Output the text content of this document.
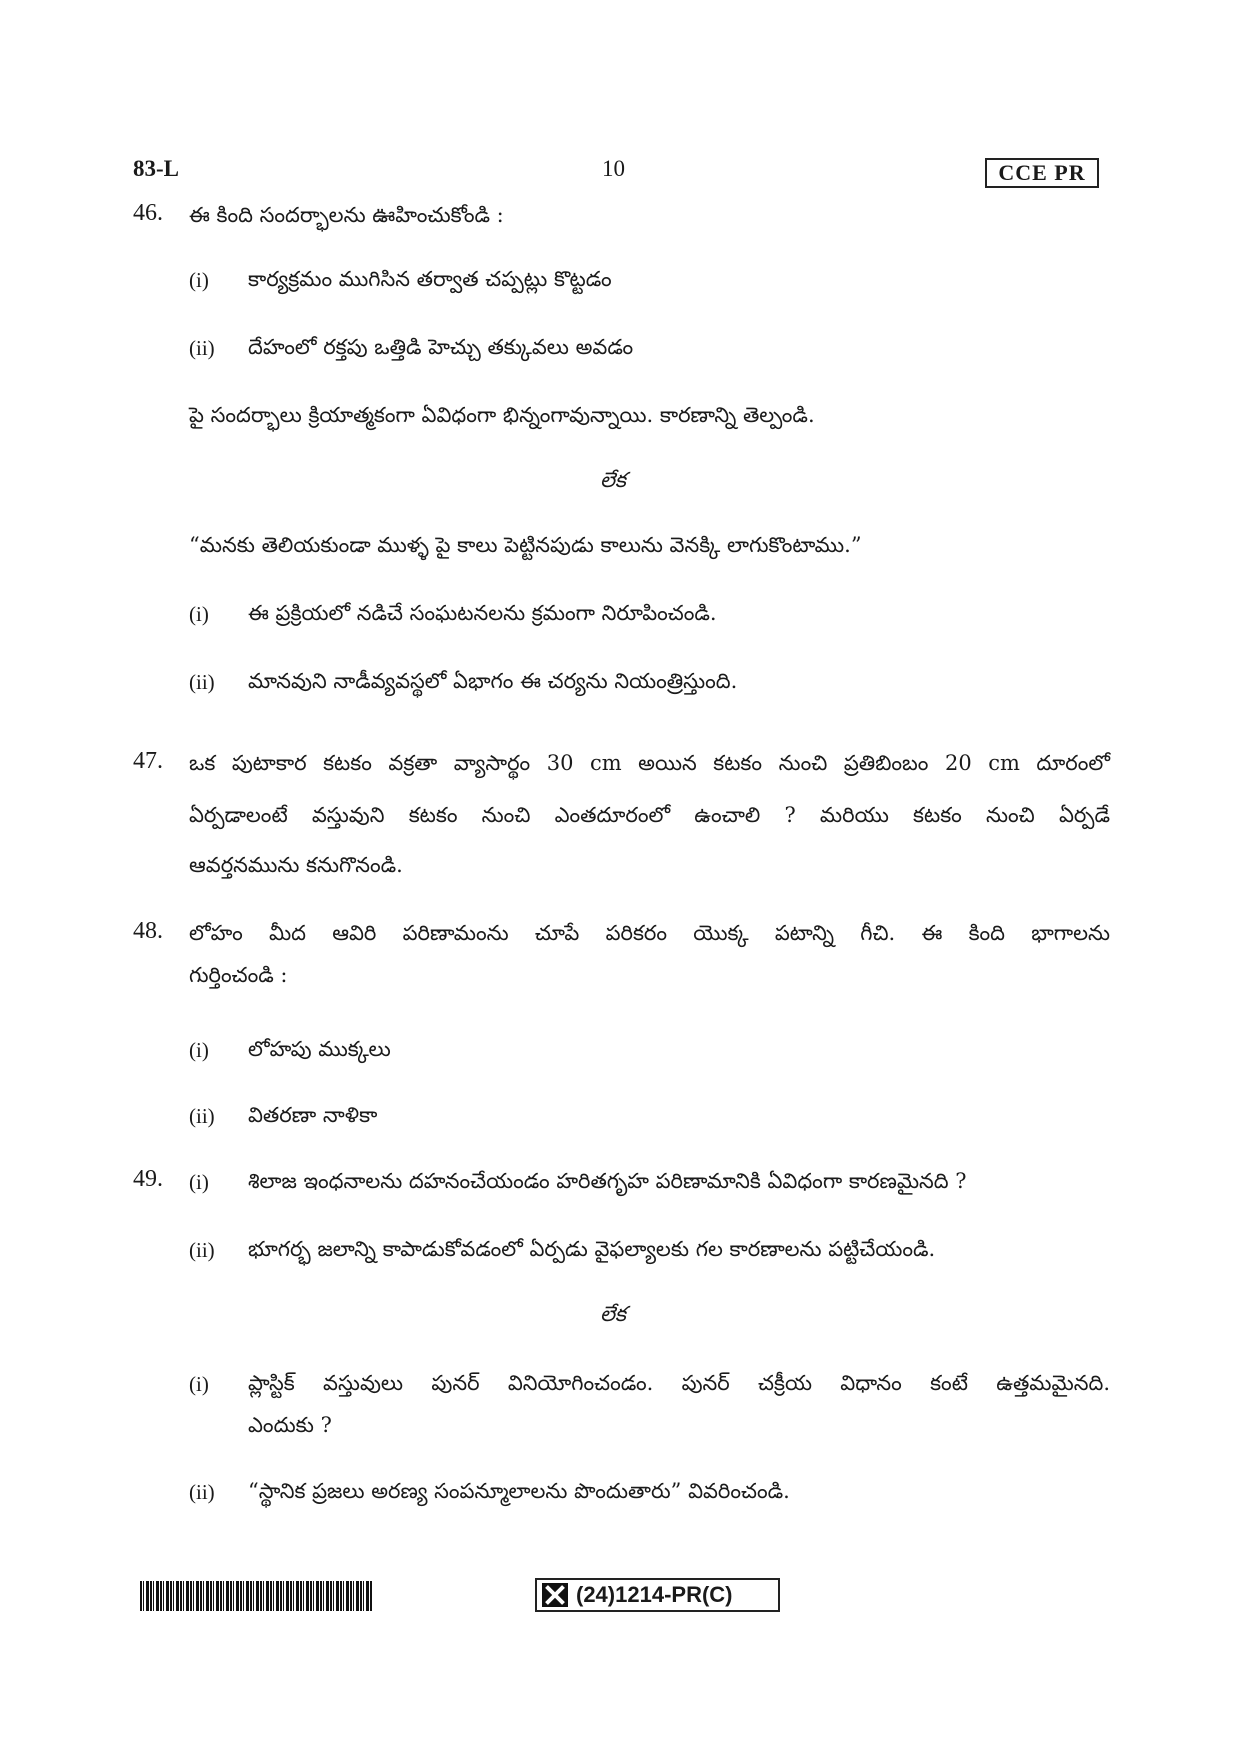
83-L	10	CCE PR
46. ఈ కింది సందర్భాలను ఊహించుకోండి :
(i) కార్యక్రమం ముగిసిన తర్వాత చప్పట్లు కొట్టడం
(ii) దేహంలో రక్తపు ఒత్తిడి హెచ్చు తక్కువలు అవడం
పై సందర్భాలు క్రియాత్మకంగా ఏవిధంగా భిన్నంగావున్నాయి. కారణాన్ని తెల్పండి.
లేక
“మనకు తెలియకుండా ముళ్ళ పై కాలు పెట్టినపుడు కాలును వెనక్కి లాగుకొంటాము.”
(i) ఈ ప్రక్రియలో నడిచే సంఘటనలను క్రమంగా నిరూపించండి.
(ii) మానవుని నాడీవ్యవస్థలో ఏభాగం ఈ చర్యను నియంత్రిస్తుంది.
47. ఒక పుటాకార కటకం వక్రతా వ్యాసార్థం 30 cm అయిన కటకం నుంచి ప్రతిబింబం 20 cm దూరంలో
ఏర్పడాలంటే వస్తువుని కటకం నుంచి ఎంతదూరంలో ఉంచాలి ? మరియు కటకం నుంచి ఏర్పడే
ఆవర్తనమును కనుగొనండి.
48. లోహం మీద ఆవిరి పరిణామంను చూపే పరికరం యొక్క పటాన్ని గీచి. ఈ కింది భాగాలను
గుర్తించండి :
(i) లోహపు ముక్కలు
(ii) వితరణా నాళికా
49. (i) శిలాజ ఇంధనాలను దహనంచేయండం హరితగృహ పరిణామానికి ఏవిధంగా కారణమైనది ?
(ii) భూగర్భ జలాన్ని కాపాడుకోవడంలో ఏర్పడు వైఫల్యాలకు గల కారణాలను పట్టిచేయండి.
లేక
(i) ప్లాస్టిక్ వస్తువులు పునర్ వినియోగించండం. పునర్ చక్రీయ విధానం కంటే ఉత్తమమైనది.
ఎందుకు ?
(ii) “స్థానిక ప్రజలు అరణ్య సంపన్మూలాలను పొందుతారు” వివరించండి.
(24)1214-PR(C)
